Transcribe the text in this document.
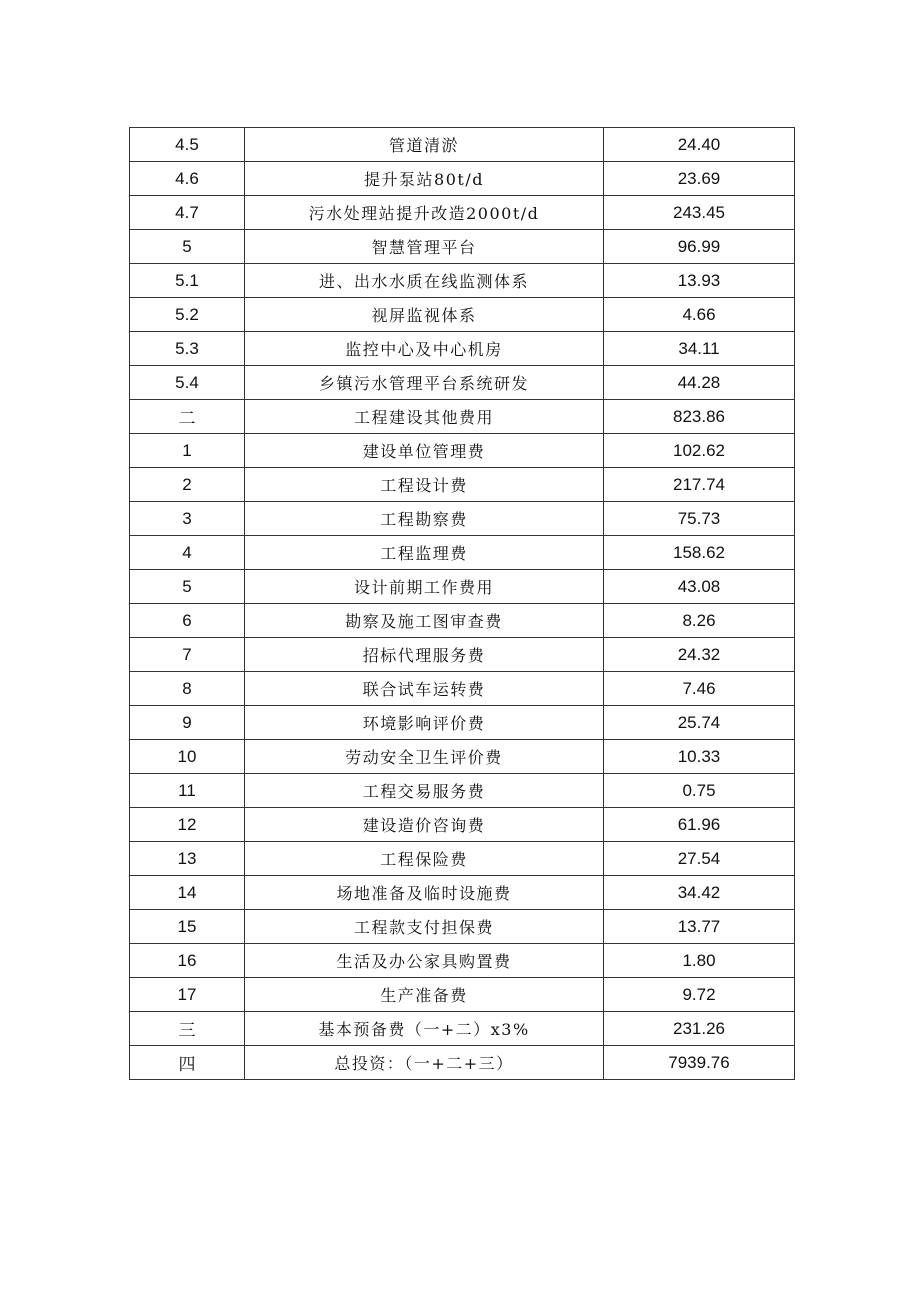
4.5	管道清淤	24.40
4.6	提升泵站80t/d	23.69
4.7	污水处理站提升改造2000t/d	243.45
5	智慧管理平台	96.99
5.1	进、出水水质在线监测体系	13.93
5.2	视屏监视体系	4.66
5.3	监控中心及中心机房	34.11
5.4	乡镇污水管理平台系统研发	44.28
二	工程建设其他费用	823.86
1	建设单位管理费	102.62
2	工程设计费	217.74
3	工程勘察费	75.73
4	工程监理费	158.62
5	设计前期工作费用	43.08
6	勘察及施工图审查费	8.26
7	招标代理服务费	24.32
8	联合试车运转费	7.46
9	环境影响评价费	25.74
10	劳动安全卫生评价费	10.33
11	工程交易服务费	0.75
12	建设造价咨询费	61.96
13	工程保险费	27.54
14	场地准备及临时设施费	34.42
15	工程款支付担保费	13.77
16	生活及办公家具购置费	1.80
17	生产准备费	9.72
三	基本预备费（一+二）x3%	231.26
四	总投资：（一+二+三）	7939.76
